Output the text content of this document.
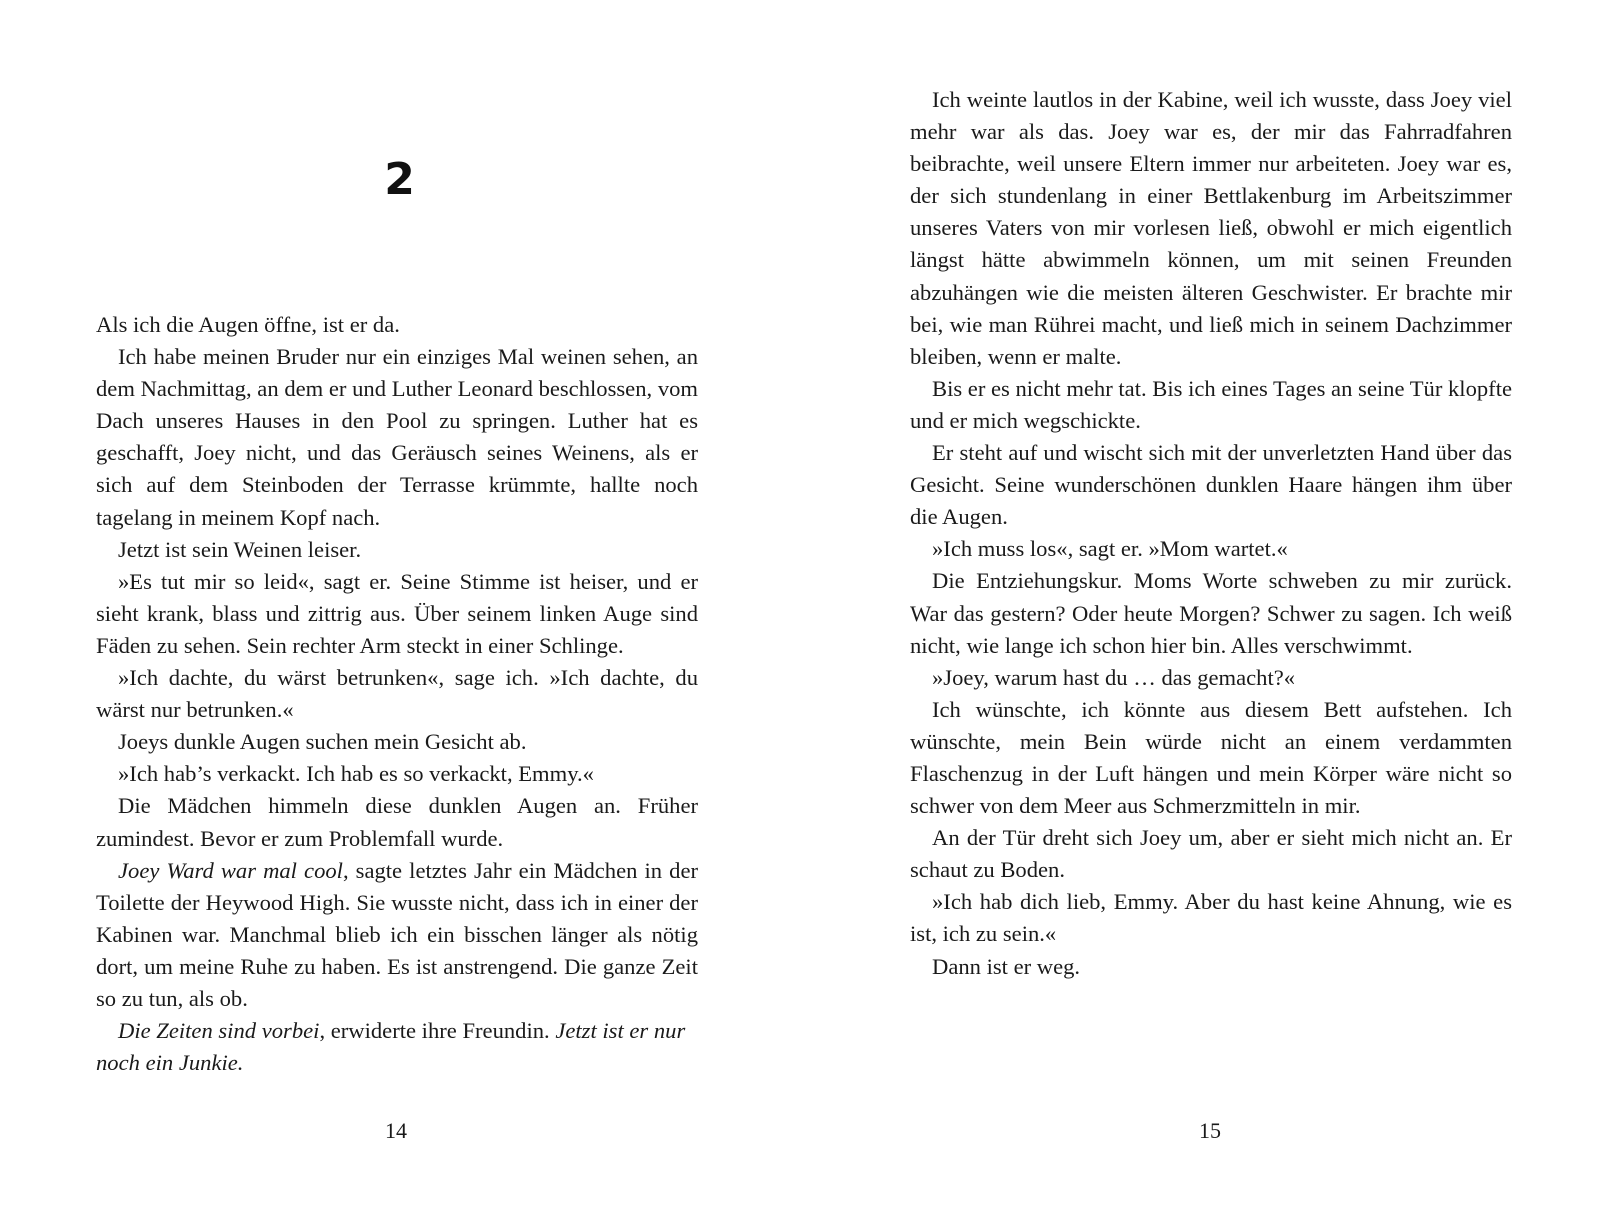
2

Als ich die Augen öffne, ist er da.

Ich habe meinen Bruder nur ein einziges Mal weinen sehen, an dem Nachmittag, an dem er und Luther Leonard beschlossen, vom Dach unseres Hauses in den Pool zu springen. Luther hat es geschafft, Joey nicht, und das Geräusch seines Weinens, als er sich auf dem Steinboden der Terrasse krümmte, hallte noch tagelang in meinem Kopf nach.

Jetzt ist sein Weinen leiser.

»Es tut mir so leid«, sagt er. Seine Stimme ist heiser, und er sieht krank, blass und zittrig aus. Über seinem linken Auge sind Fäden zu sehen. Sein rechter Arm steckt in einer Schlinge.

»Ich dachte, du wärst betrunken«, sage ich. »Ich dachte, du wärst nur betrunken.«

Joeys dunkle Augen suchen mein Gesicht ab.

»Ich hab’s verkackt. Ich hab es so verkackt, Emmy.«

Die Mädchen himmeln diese dunklen Augen an. Früher zumindest. Bevor er zum Problemfall wurde.

Joey Ward war mal cool, sagte letztes Jahr ein Mädchen in der Toilette der Heywood High. Sie wusste nicht, dass ich in einer der Kabinen war. Manchmal blieb ich ein bisschen länger als nötig dort, um meine Ruhe zu haben. Es ist anstrengend. Die ganze Zeit so zu tun, als ob.

Die Zeiten sind vorbei, erwiderte ihre Freundin. Jetzt ist er nur noch ein Junkie.

14

Ich weinte lautlos in der Kabine, weil ich wusste, dass Joey viel mehr war als das. Joey war es, der mir das Fahrradfahren beibrachte, weil unsere Eltern immer nur arbeiteten. Joey war es, der sich stundenlang in einer Bettlakenburg im Arbeitszimmer unseres Vaters von mir vorlesen ließ, obwohl er mich eigentlich längst hätte abwimmeln können, um mit seinen Freunden abzuhängen wie die meisten älteren Geschwister. Er brachte mir bei, wie man Rührei macht, und ließ mich in seinem Dachzimmer bleiben, wenn er malte.

Bis er es nicht mehr tat. Bis ich eines Tages an seine Tür klopfte und er mich wegschickte.

Er steht auf und wischt sich mit der unverletzten Hand über das Gesicht. Seine wunderschönen dunklen Haare hängen ihm über die Augen.

»Ich muss los«, sagt er. »Mom wartet.«

Die Entziehungskur. Moms Worte schweben zu mir zurück. War das gestern? Oder heute Morgen? Schwer zu sagen. Ich weiß nicht, wie lange ich schon hier bin. Alles verschwimmt.

»Joey, warum hast du … das gemacht?«

Ich wünschte, ich könnte aus diesem Bett aufstehen. Ich wünschte, mein Bein würde nicht an einem verdammten Flaschenzug in der Luft hängen und mein Körper wäre nicht so schwer von dem Meer aus Schmerzmitteln in mir.

An der Tür dreht sich Joey um, aber er sieht mich nicht an. Er schaut zu Boden.

»Ich hab dich lieb, Emmy. Aber du hast keine Ahnung, wie es ist, ich zu sein.«

Dann ist er weg.

15
